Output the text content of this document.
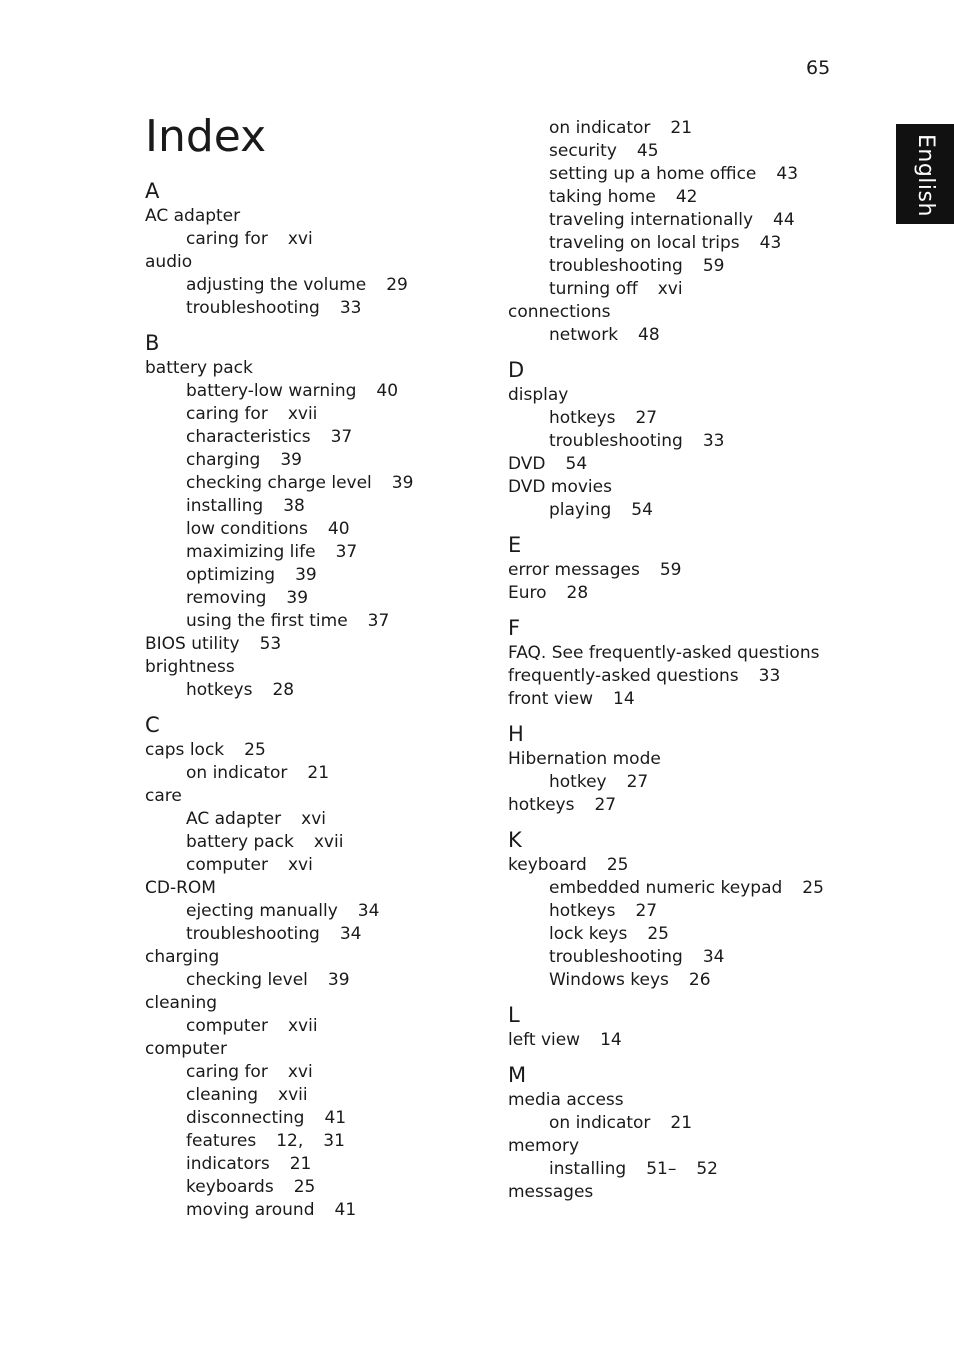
65
English
Index
A
AC adapter
caring for xvi
audio
adjusting the volume 29
troubleshooting 33
B
battery pack
battery-low warning 40
caring for xvii
characteristics 37
charging 39
checking charge level 39
installing 38
low conditions 40
maximizing life 37
optimizing 39
removing 39
using the first time 37
BIOS utility 53
brightness
hotkeys 28
C
caps lock 25
on indicator 21
care
AC adapter xvi
battery pack xvii
computer xvi
CD-ROM
ejecting manually 34
troubleshooting 34
charging
checking level 39
cleaning
computer xvii
computer
caring for xvi
cleaning xvii
disconnecting 41
features 12, 31
indicators 21
keyboards 25
moving around 41
on indicator 21
security 45
setting up a home office 43
taking home 42
traveling internationally 44
traveling on local trips 43
troubleshooting 59
turning off xvi
connections
network 48
D
display
hotkeys 27
troubleshooting 33
DVD 54
DVD movies
playing 54
E
error messages 59
Euro 28
F
FAQ. See frequently-asked questions
frequently-asked questions 33
front view 14
H
Hibernation mode
hotkey 27
hotkeys 27
K
keyboard 25
embedded numeric keypad 25
hotkeys 27
lock keys 25
troubleshooting 34
Windows keys 26
L
left view 14
M
media access
on indicator 21
memory
installing 51– 52
messages
